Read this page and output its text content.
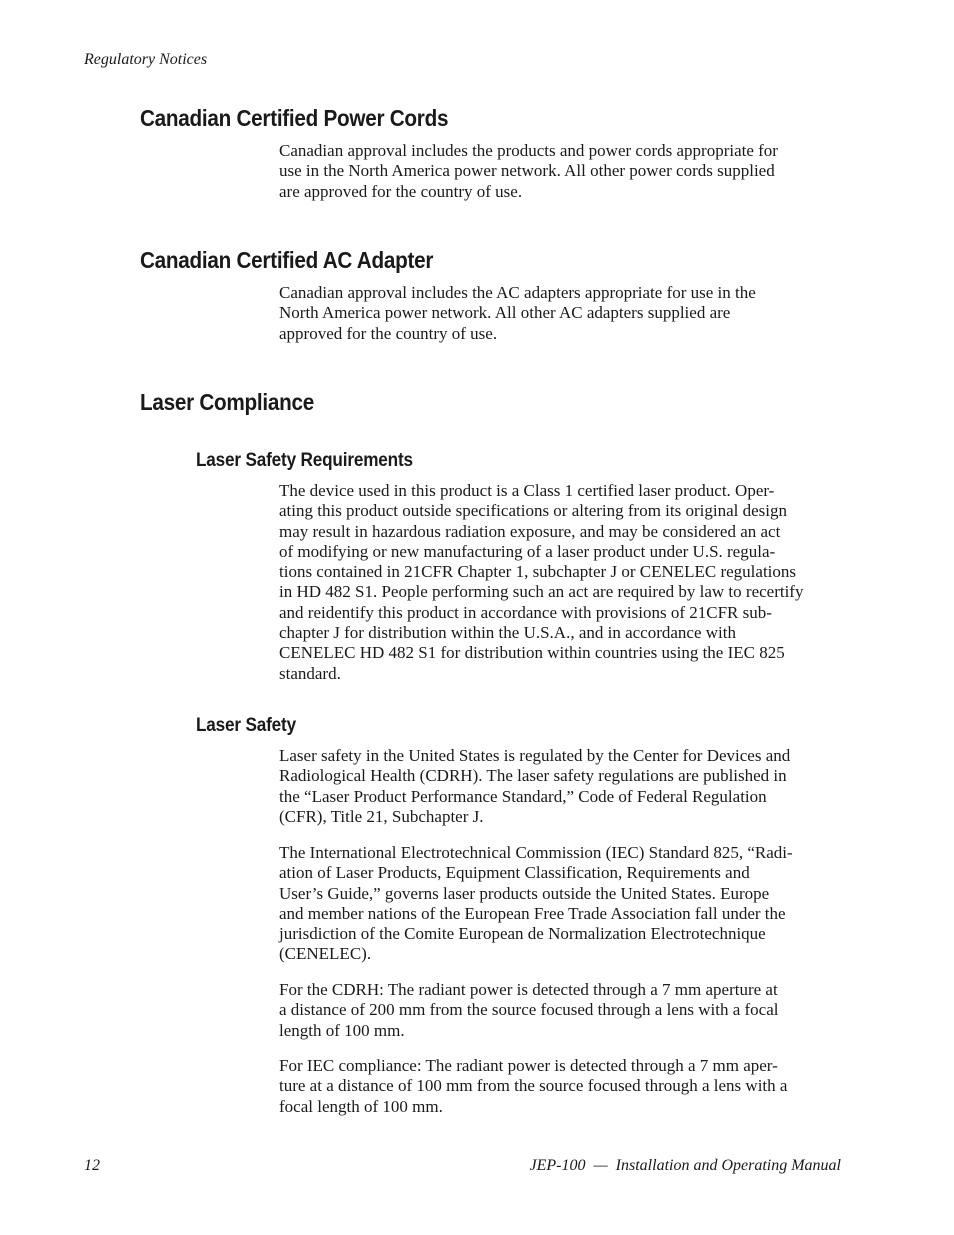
Regulatory Notices
Canadian Certified Power Cords

Canadian approval includes the products and power cords appropriate for
use in the North America power network. All other power cords supplied
are approved for the country of use.

Canadian Certified AC Adapter

Canadian approval includes the AC adapters appropriate for use in the
North America power network. All other AC adapters supplied are
approved for the country of use.

Laser Compliance
Laser Safety Requirements

The device used in this product is a Class 1 certified laser product. Oper-
ating this product outside specifications or altering from its original design
may result in hazardous radiation exposure, and may be considered an act
of modifying or new manufacturing of a laser product under U.S. regula-
tions contained in 21CFR Chapter 1, subchapter J or CENELEC regulations
in HD 482 S1. People performing such an act are required by law to recertify
and reidentify this product in accordance with provisions of 21CFR sub-
chapter J for distribution within the U.S.A., and in accordance with
CENELEC HD 482 S1 for distribution within countries using the IEC 825
standard.

Laser Safety

Laser safety in the United States is regulated by the Center for Devices and
Radiological Health (CDRH). The laser safety regulations are published in
the “Laser Product Performance Standard,” Code of Federal Regulation
(CFR), Title 21, Subchapter J.

The International Electrotechnical Commission (IEC) Standard 825, “Radi-
ation of Laser Products, Equipment Classification, Requirements and
User’s Guide,” governs laser products outside the United States. Europe
and member nations of the European Free Trade Association fall under the
jurisdiction of the Comite European de Normalization Electrotechnique
(CENELEC).

For the CDRH: The radiant power is detected through a 7 mm aperture at
a distance of 200 mm from the source focused through a lens with a focal
length of 100 mm.

For IEC compliance: The radiant power is detected through a 7 mm aper-
ture at a distance of 100 mm from the source focused through a lens with a
focal length of 100 mm.

12	JEP-100  —  Installation and Operating Manual
